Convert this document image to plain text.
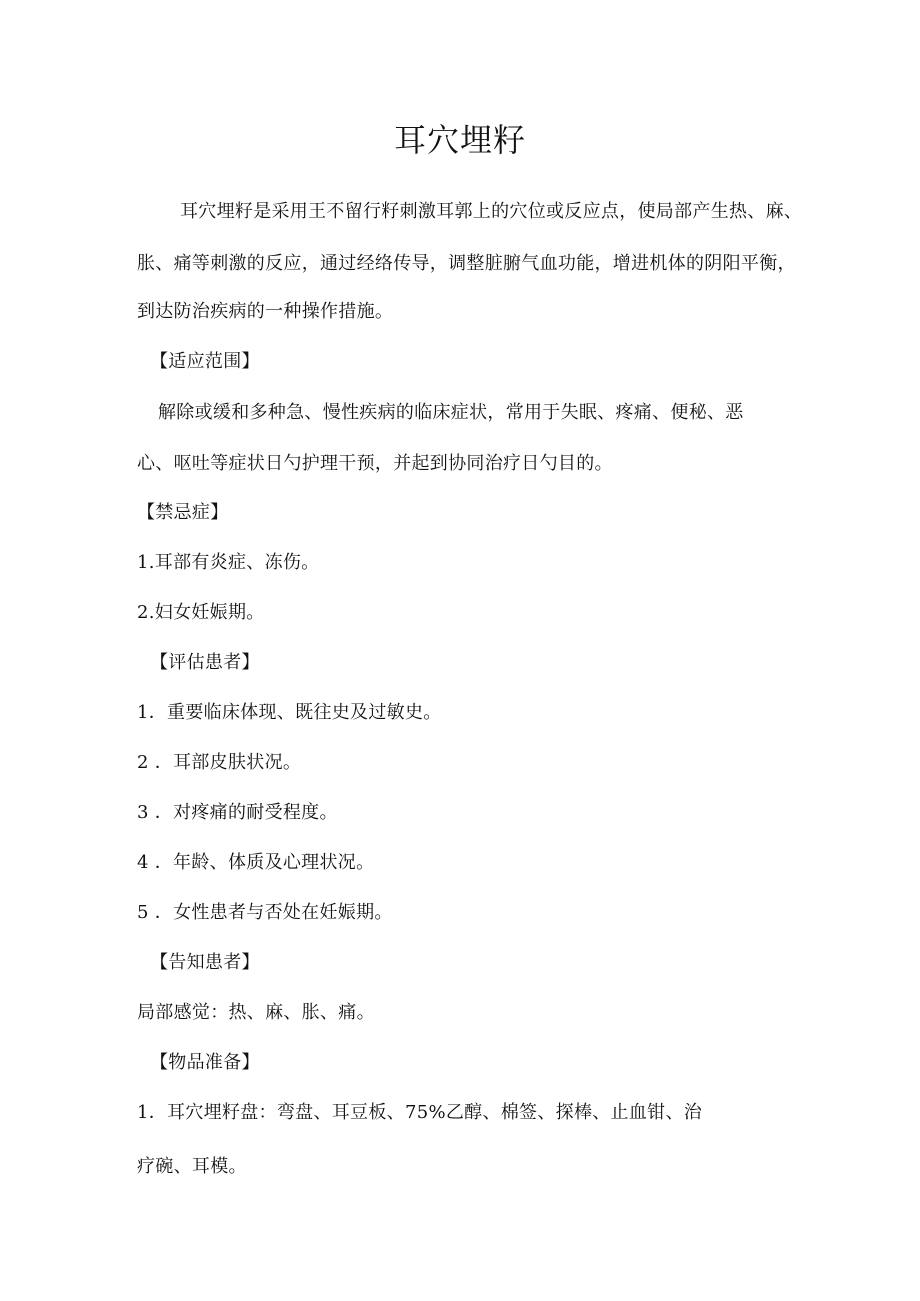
耳穴埋籽
耳穴埋籽是采用王不留行籽刺激耳郭上的穴位或反应点，使局部产生热、麻、
胀、痛等刺激的反应，通过经络传导，调整脏腑气血功能，增进机体的阴阳平衡，
到达防治疾病的一种操作措施。
【适应范围】
解除或缓和多种急、慢性疾病的临床症状，常用于失眠、疼痛、便秘、恶
心、呕吐等症状日勺护理干预，并起到协同治疗日勺目的。
【禁忌症】
1.耳部有炎症、冻伤。
2.妇女妊娠期。
【评估患者】
1．重要临床体现、既往史及过敏史。
2 ．耳部皮肤状况。
3 ．对疼痛的耐受程度。
4 ．年龄、体质及心理状况。
5 ．女性患者与否处在妊娠期。
【告知患者】
局部感觉：热、麻、胀、痛。
【物品准备】
1．耳穴埋籽盘：弯盘、耳豆板、75%乙醇、棉签、探棒、止血钳、治
疗碗、耳模。
